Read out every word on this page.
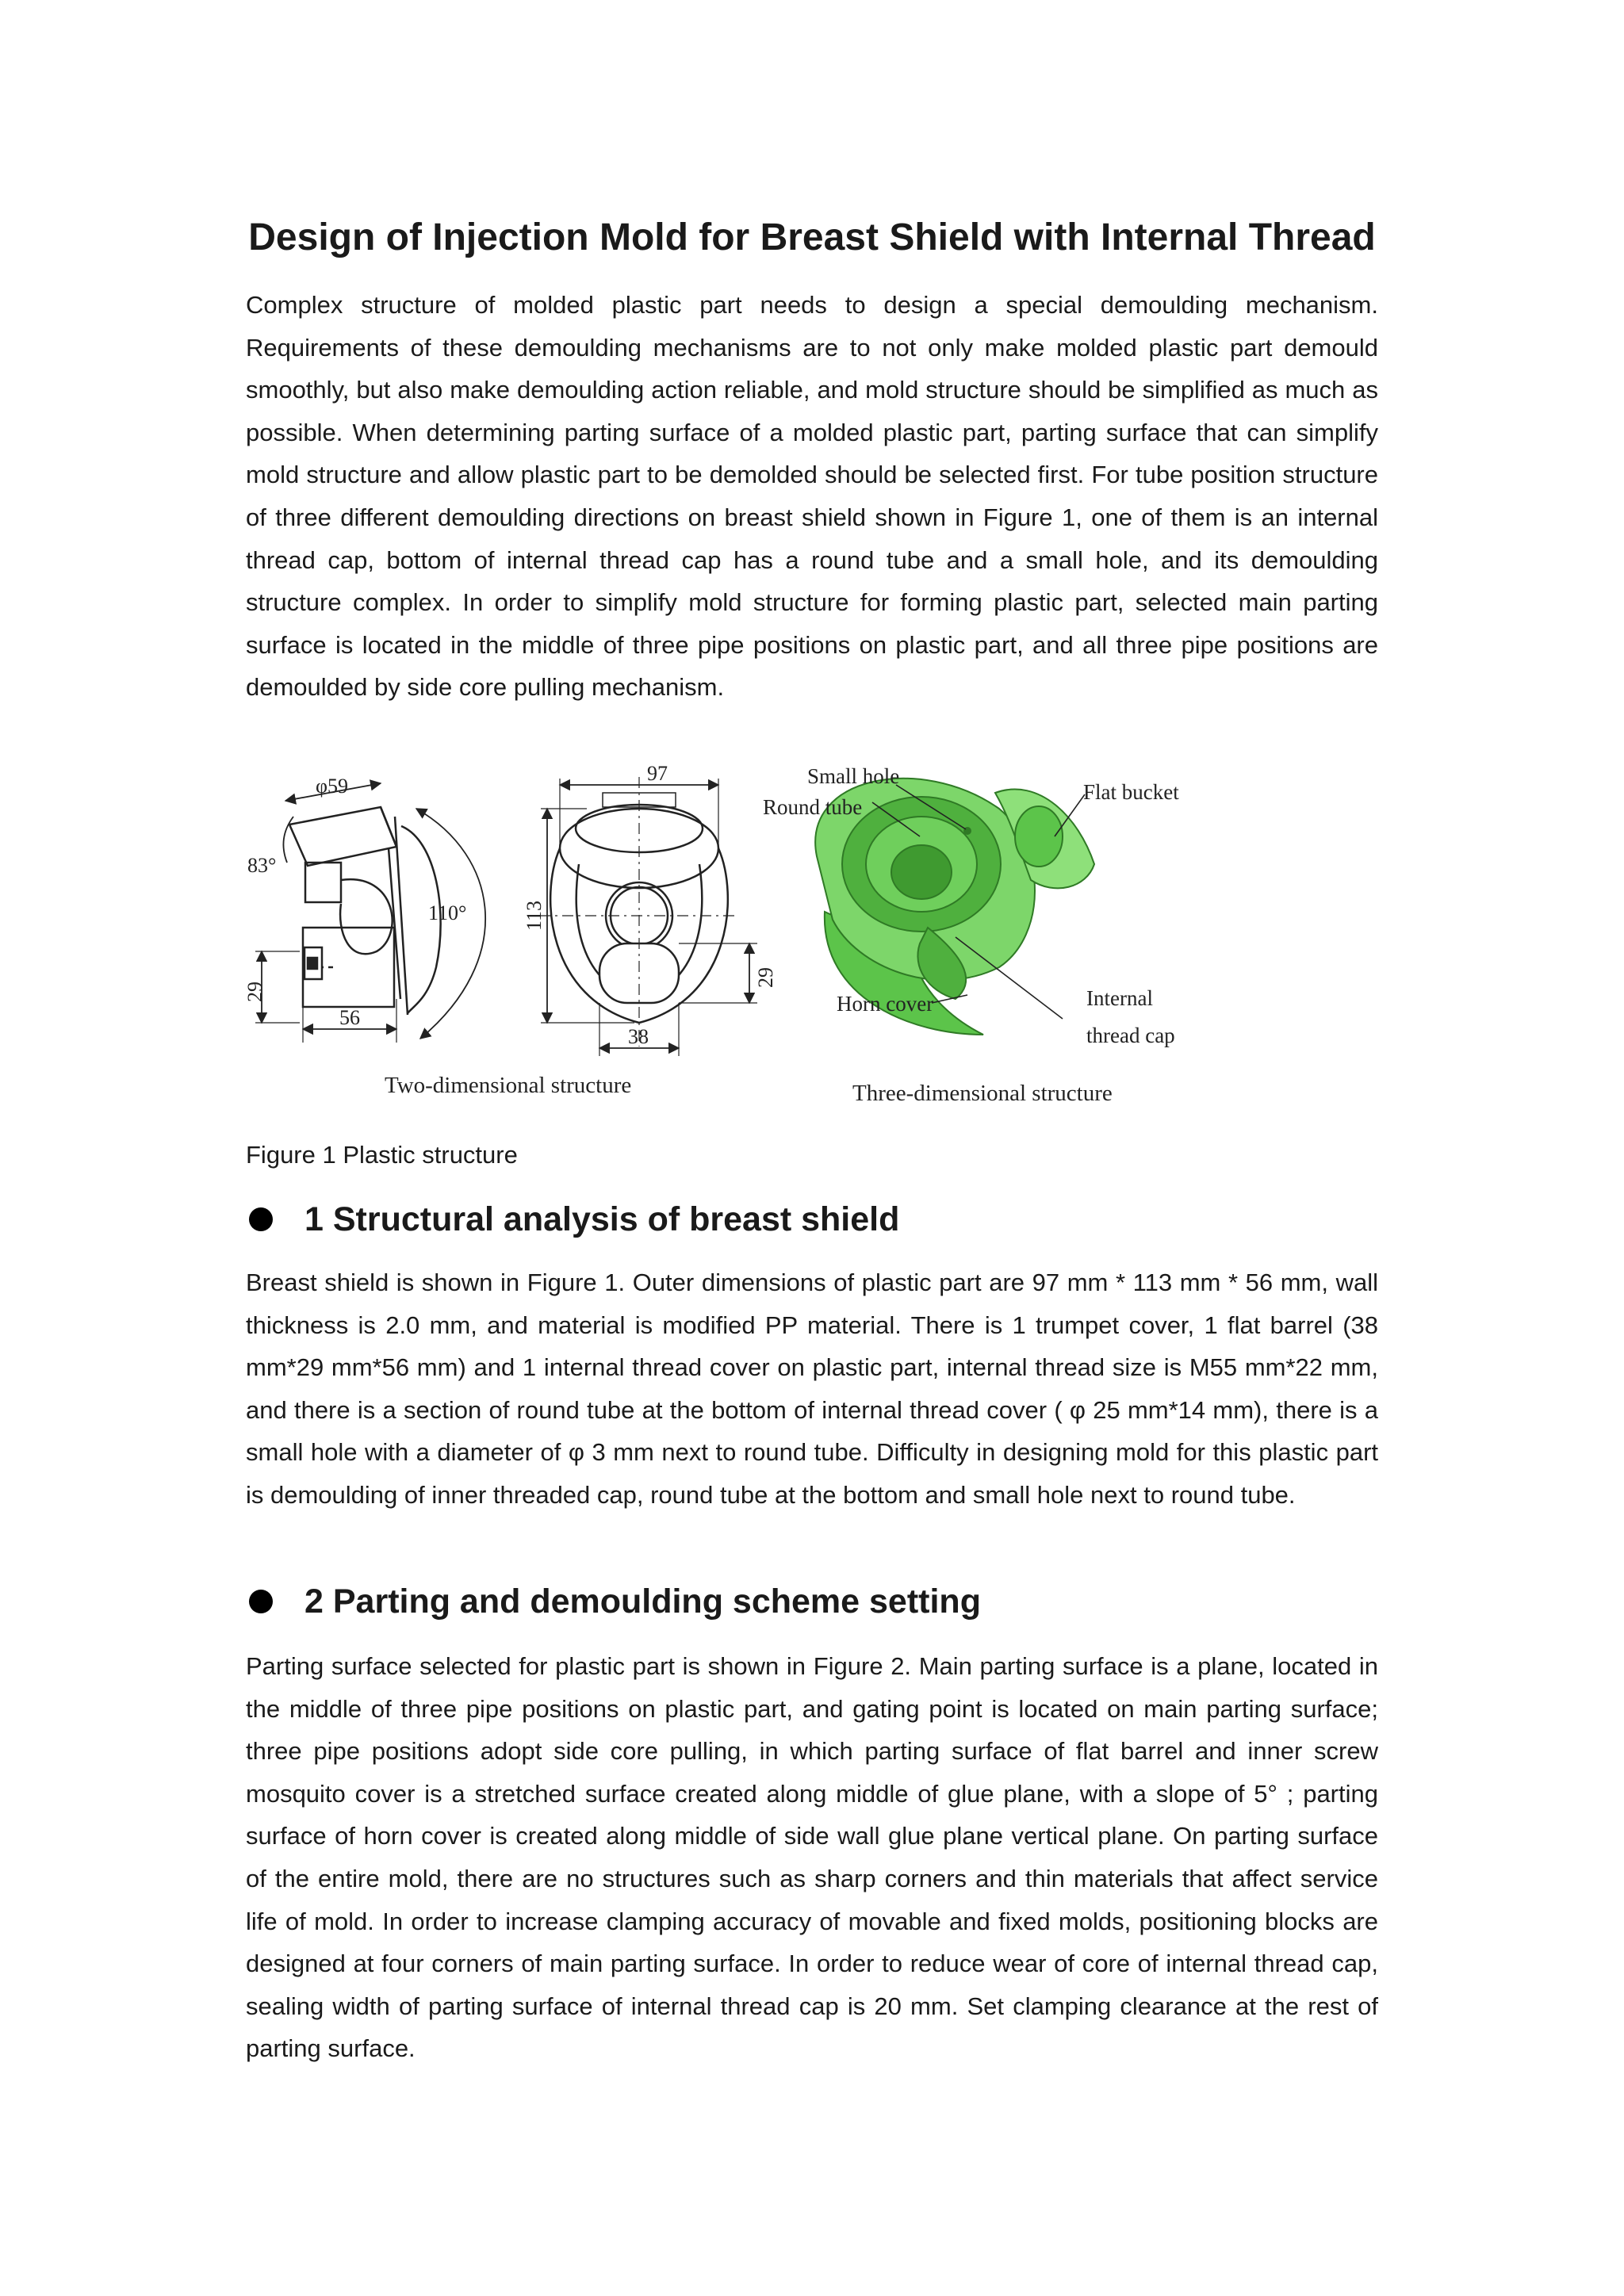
Design of Injection Mold for Breast Shield with Internal Thread

Complex structure of molded plastic part needs to design a special demoulding mechanism. Requirements of these demoulding mechanisms are to not only make molded plastic part demould smoothly, but also make demoulding action reliable, and mold structure should be simplified as much as possible. When determining parting surface of a molded plastic part, parting surface that can simplify mold structure and allow plastic part to be demolded should be selected first. For tube position structure of three different demoulding directions on breast shield shown in Figure 1, one of them is an internal thread cap, bottom of internal thread cap has a round tube and a small hole, and its demoulding structure complex. In order to simplify mold structure for forming plastic part, selected main parting surface is located in the middle of three pipe positions on plastic part, and all three pipe positions are demoulded by side core pulling mechanism.

φ59
83°
110°
29
56
97
113
29
38
Two-dimensional structure
Small hole
Round tube
Flat bucket
Horn cover	Internal
thread cap
Three-dimensional structure

Figure 1 Plastic structure

1 Structural analysis of breast shield

Breast shield is shown in Figure 1. Outer dimensions of plastic part are 97 mm * 113 mm * 56 mm, wall thickness is 2.0 mm, and material is modified PP material. There is 1 trumpet cover, 1 flat barrel (38 mm*29 mm*56 mm) and 1 internal thread cover on plastic part, internal thread size is M55 mm*22 mm, and there is a section of round tube at the bottom of internal thread cover ( φ 25 mm*14 mm), there is a small hole with a diameter of φ 3 mm next to round tube. Difficulty in designing mold for this plastic part is demoulding of inner threaded cap, round tube at the bottom and small hole next to round tube.

2 Parting and demoulding scheme setting

Parting surface selected for plastic part is shown in Figure 2. Main parting surface is a plane, located in the middle of three pipe positions on plastic part, and gating point is located on main parting surface; three pipe positions adopt side core pulling, in which parting surface of flat barrel and inner screw mosquito cover is a stretched surface created along middle of glue plane, with a slope of 5° ; parting surface of horn cover is created along middle of side wall glue plane vertical plane. On parting surface of the entire mold, there are no structures such as sharp corners and thin materials that affect service life of mold. In order to increase clamping accuracy of movable and fixed molds, positioning blocks are designed at four corners of main parting surface. In order to reduce wear of core of internal thread cap, sealing width of parting surface of internal thread cap is 20 mm. Set clamping clearance at the rest of parting surface.
